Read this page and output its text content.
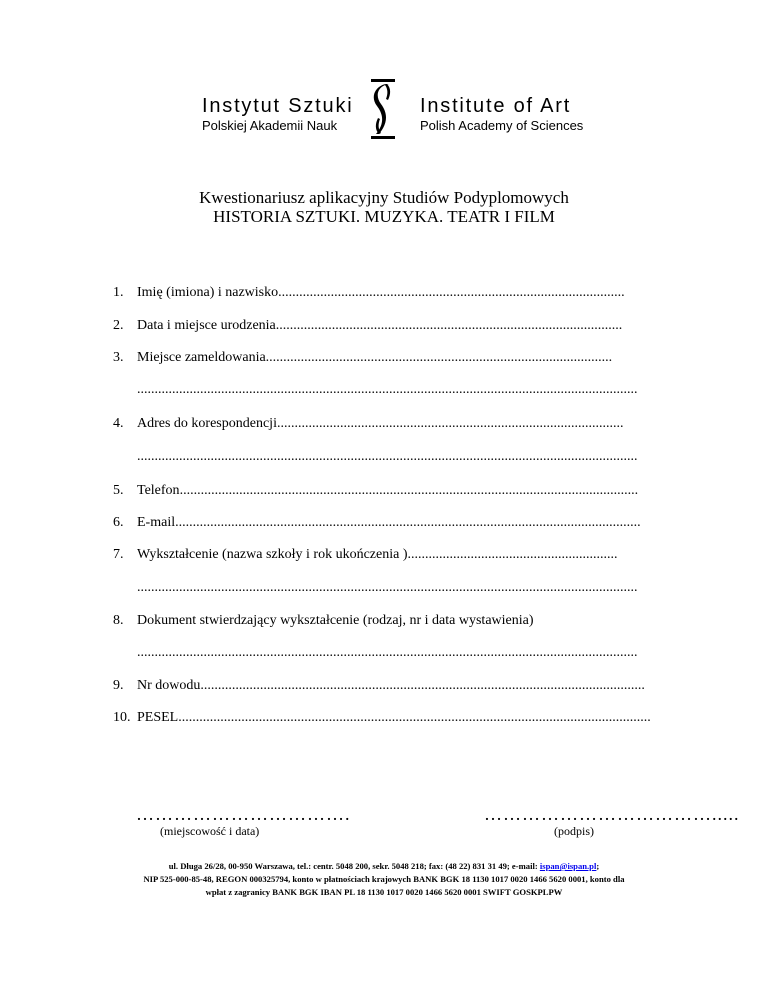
Instytut Sztuki
Polskiej Akademii Nauk
Institute of Art
Polish Academy of Sciences
Kwestionariusz aplikacyjny Studiów Podyplomowych
HISTORIA SZTUKI. MUZYKA. TEATR I FILM
1. Imię (imiona) i nazwisko...................................................................................................
2. Data i miejsce urodzenia...................................................................................................
3. Miejsce zameldowania...................................................................................................
...............................................................................................................................................
4. Adres do korespondencji...................................................................................................
...............................................................................................................................................
5. Telefon...................................................................................................................................
6. E-mail.....................................................................................................................................
7. Wykształcenie (nazwa szkoły i rok ukończenia )............................................................
...............................................................................................................................................
8. Dokument stwierdzający wykształcenie (rodzaj, nr i data wystawienia)
...............................................................................................................................................
9. Nr dowodu...............................................................................................................................
10. PESEL.......................................................................................................................................
…………………………….
(miejscowość i data)
……………………………….....
(podpis)
ul. Długa 26/28, 00-950 Warszawa, tel.: centr. 5048 200, sekr. 5048 218; fax: (48 22) 831 31 49; e-mail: ispan@ispan.pl;
NIP 525-000-85-48, REGON 000325794, konto w płatnościach krajowych BANK BGK 18 1130 1017 0020 1466 5620 0001, konto dla
wpłat z zagranicy BANK BGK IBAN PL 18 1130 1017 0020 1466 5620 0001 SWIFT GOSKPLPW
